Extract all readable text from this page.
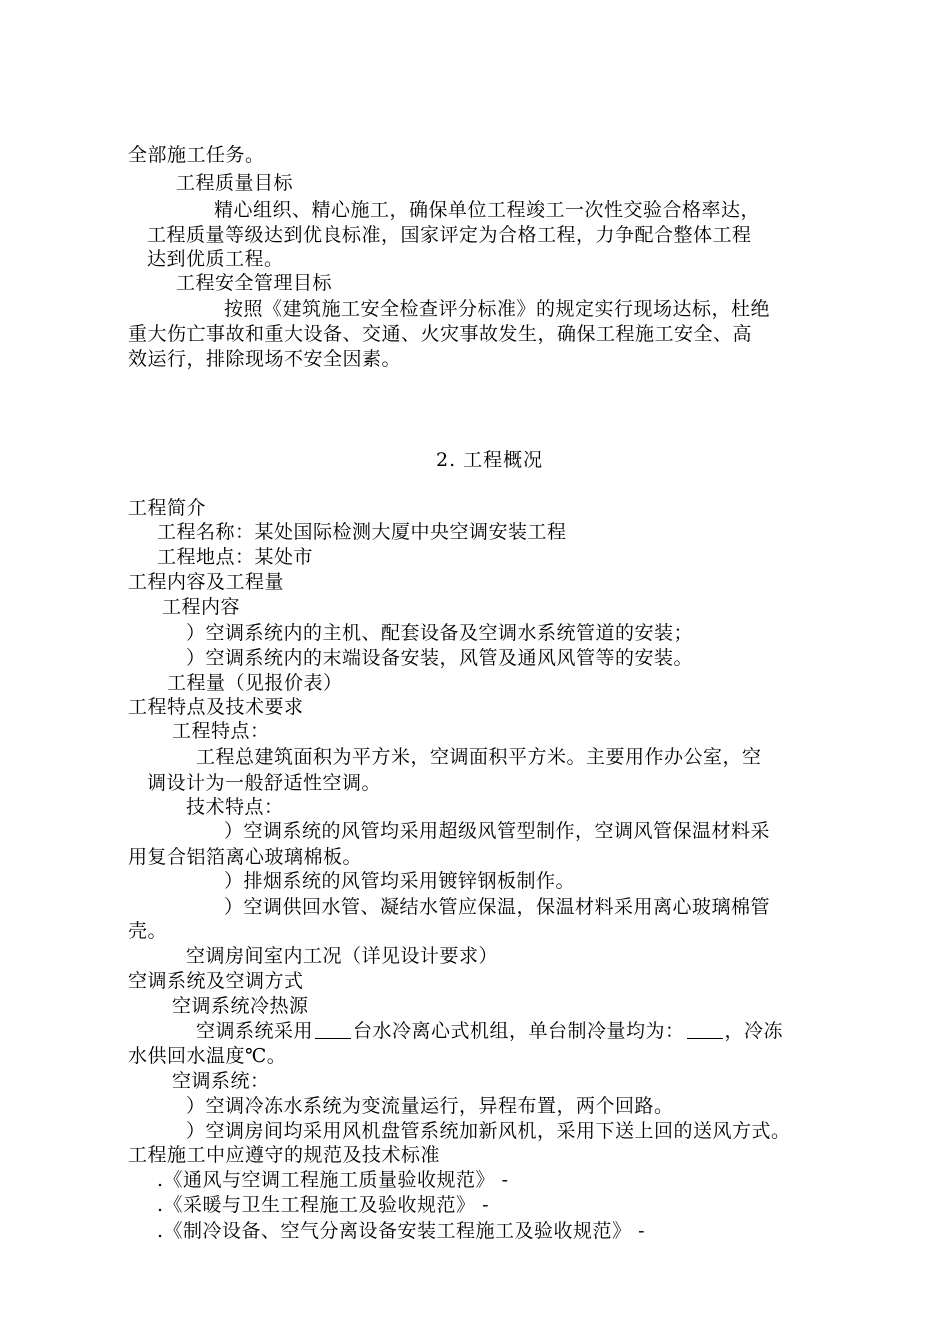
全部施工任务。
工程质量目标
精心组织、精心施工，确保单位工程竣工一次性交验合格率达，
工程质量等级达到优良标准，国家评定为合格工程，力争配合整体工程
达到优质工程。
工程安全管理目标
按照《建筑施工安全检查评分标准》的规定实行现场达标，杜绝
重大伤亡事故和重大设备、交通、火灾事故发生，确保工程施工安全、高
效运行，排除现场不安全因素。
2. 工程概况
工程简介
工程名称：某处国际检测大厦中央空调安装工程
工程地点：某处市
工程内容及工程量
工程内容
）空调系统内的主机、配套设备及空调水系统管道的安装；
）空调系统内的末端设备安装，风管及通风风管等的安装。
工程量（见报价表）
工程特点及技术要求
工程特点：
工程总建筑面积为平方米，空调面积平方米。主要用作办公室，空
调设计为一般舒适性空调。
技术特点：
）空调系统的风管均采用超级风管型制作，空调风管保温材料采
用复合铝箔离心玻璃棉板。
）排烟系统的风管均采用镀锌钢板制作。
）空调供回水管、凝结水管应保温，保温材料采用离心玻璃棉管
壳。
空调房间室内工况（详见设计要求）
空调系统及空调方式
空调系统冷热源
空调系统采用 台水冷离心式机组，单台制冷量均为： ，冷冻
水供回水温度℃。
空调系统：
）空调冷冻水系统为变流量运行，异程布置，两个回路。
）空调房间均采用风机盘管系统加新风机，采用下送上回的送风方式。
工程施工中应遵守的规范及技术标准
.《通风与空调工程施工质量验收规范》 -
.《采暖与卫生工程施工及验收规范》 -
.《制冷设备、空气分离设备安装工程施工及验收规范》 -
